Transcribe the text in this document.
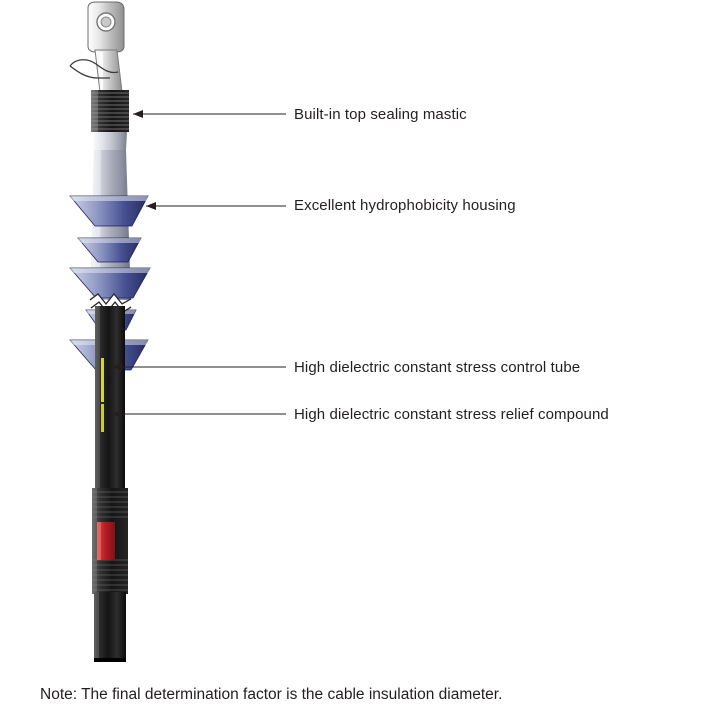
Built-in top sealing mastic
Excellent hydrophobicity housing
High dielectric constant stress control tube
High dielectric constant stress relief compound
Note: The final determination factor is the cable insulation diameter.
